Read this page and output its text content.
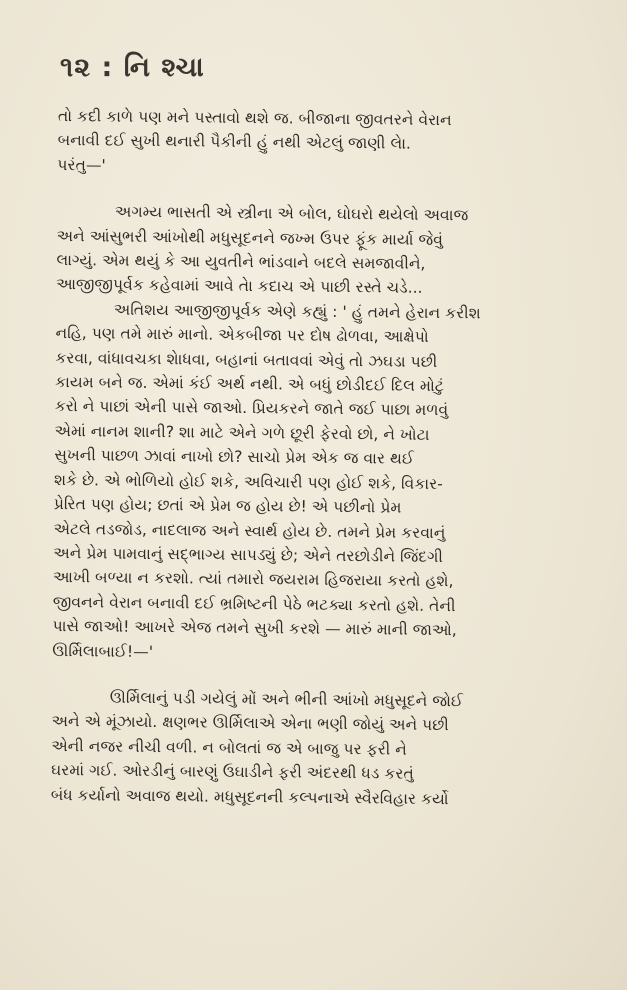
૧૨ : નિ શ્ચા
તો કદી કાળે પણ મને પસ્તાવો થશે જ. બીજાના જીવતરને વેરાન
બનાવી દઈ સુખી થનારી પૈકીની હું નથી એટલું જાણી લેા.
પરંતુ—'
અગમ્ય ભાસતી એ સ્ત્રીના એ બોલ, ઘોઘરો થયેલો અવાજ
અને આંસુભરી આંખોથી મધુસૂદનને જખ્મ ઉપર ફૂંક માર્યા જેવું
લાગ્યું. એમ થયું કે આ યુવતીને ભાંડવાને બદલે સમજાવીને,
આજીજીપૂર્વક કહેવામાં આવે તેા કદાચ એ પાછી રસ્તે ચડે...
અતિશય આજીજીપૂર્વક એણે કહ્યું : ' હું તમને હેરાન કરીશ
નહિ, પણ તમે મારું માનો. એકબીજા પર દોષ ઢોળવા, આક્ષેપો
કરવા, વાંધાવચકા શેાધવા, બહાનાં બતાવવાં એવું તો ઝઘડા પછી
કાયમ બને જ. એમાં કંઈ અર્થ નથી. એ બધું છોડીદઈ દિલ મોટું
કરો ને પાછાં એની પાસે જાઓ. પ્રિયકરને જાતે જઈ પાછા મળવું
એમાં નાનમ શાની? શા માટે એને ગળે છૂરી ફેરવો છો, ને ખોટા
સુખની પાછળ ઝાવાં નાખો છો? સાચો પ્રેમ એક જ વાર થઈ
શકે છે. એ ભોળિયો હોઈ શકે, અવિચારી પણ હોઈ શકે, વિકાર-
પ્રેરિત પણ હોય; છતાં એ પ્રેમ જ હોય છે! એ પછીનો પ્રેમ
એટલે તડજોડ, નાદલાજ અને સ્વાર્થ હોય છે. તમને પ્રેમ કરવાનું
અને પ્રેમ પામવાનું સદ્ભાગ્ય સાપડ્યું છે; એને તરછોડીને જિંદગી
આખી બળ્યા ન કરશો. ત્યાં તમારો જયરામ હિજરાયા કરતો હશે,
જીવનને વેરાન બનાવી દઈ ભ્રમિષ્ટની પેઠે ભટક્યા કરતો હશે. તેની
પાસે જાઓ! આખરે એજ તમને સુખી કરશે — મારું માની જાઓ,
ઊર્મિલાબાઈ!—'
ઊર્મિલાનું પડી ગયેલું મોં અને ભીની આંખો મધુસૂદને જોઈ
અને એ મૂંઝાયો. ક્ષણભર ઊર્મિલાએ એના ભણી જોયું અને પછી
એની નજર નીચી વળી. ન બોલતાં જ એ બાજુ પર ફરી ને
ઘરમાં ગઈ. ઓરડીનું બારણું ઉઘાડીને ફરી અંદરથી ધડ કરતું
બંધ કર્યાનો અવાજ થયો. મધુસૂદનની કલ્પનાએ સ્વૈરવિહાર કર્યો
